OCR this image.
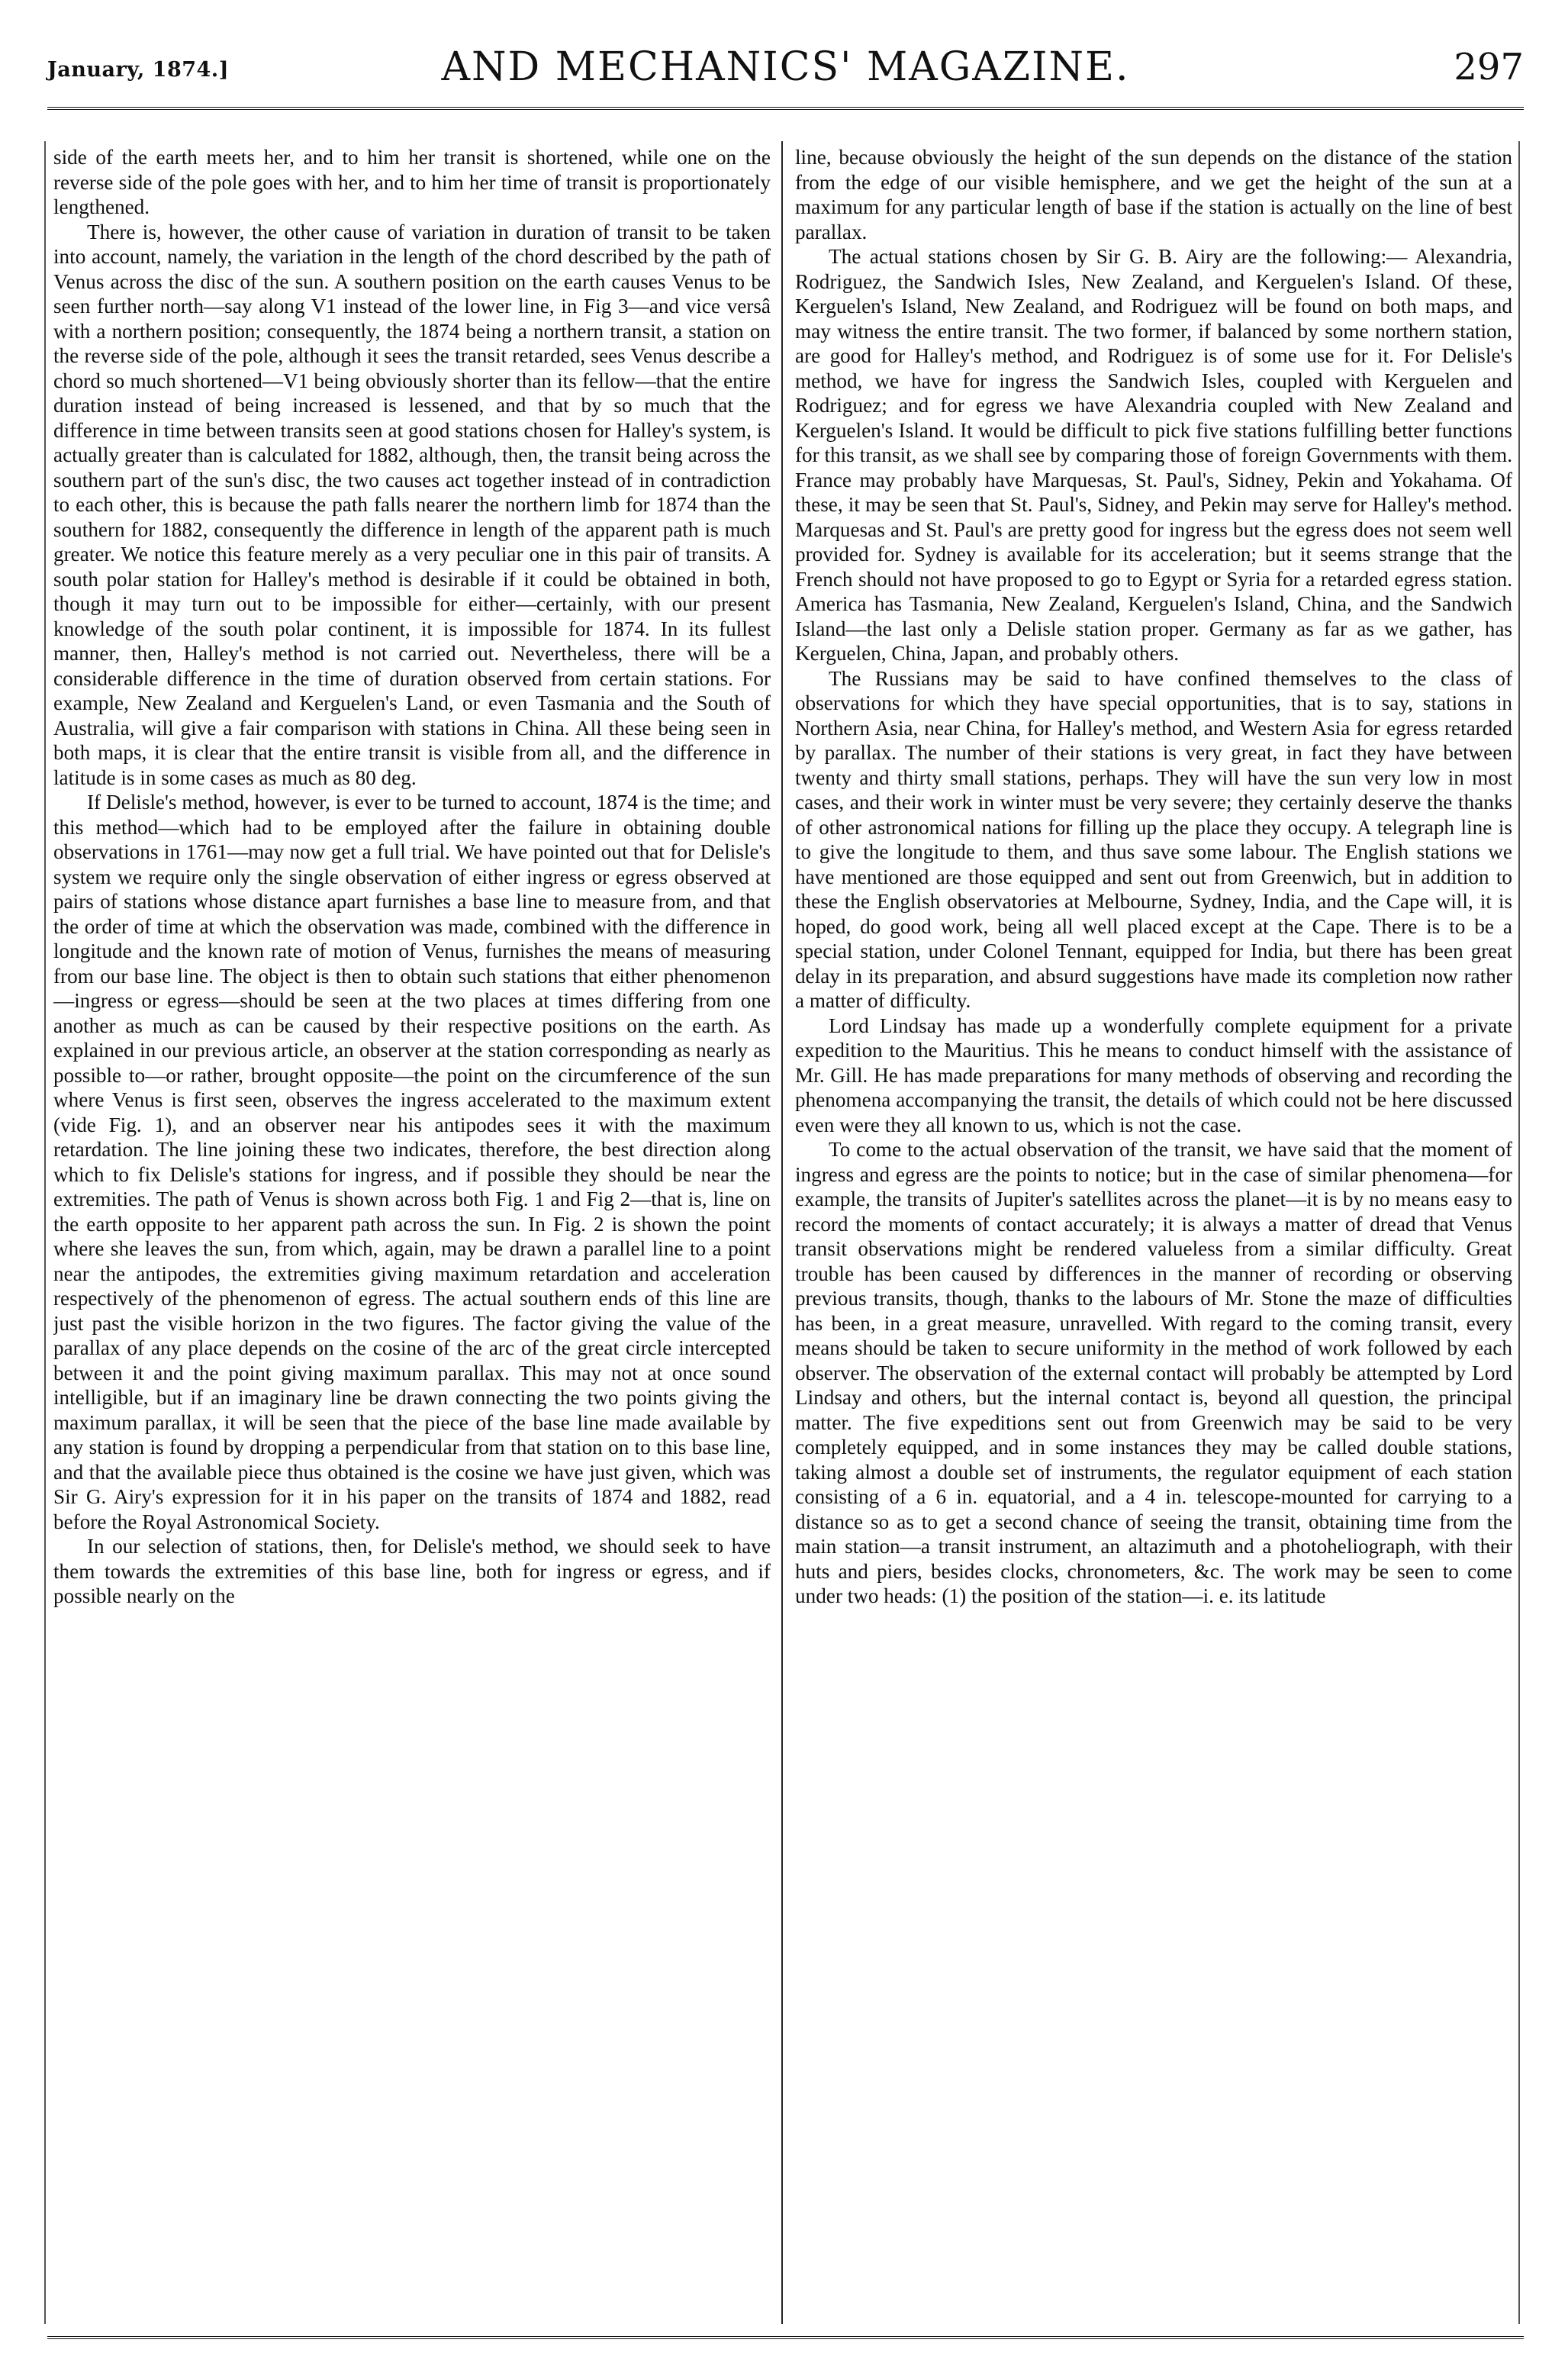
January, 1874.]	AND MECHANICS' MAGAZINE.	297

side of the earth meets her, and to him her transit is shortened, while one on the reverse side of the pole goes with her, and to him her time of transit is proportionately lengthened.

There is, however, the other cause of variation in duration of transit to be taken into account, namely, the variation in the length of the chord described by the path of Venus across the disc of the sun. A southern position on the earth causes Venus to be seen further north—say along V1 instead of the lower line, in Fig 3—and vice versâ with a northern position; consequently, the 1874 being a northern transit, a station on the reverse side of the pole, although it sees the transit retarded, sees Venus describe a chord so much shortened—V1 being obviously shorter than its fellow—that the entire duration instead of being increased is lessened, and that by so much that the difference in time between transits seen at good stations chosen for Halley's system, is actually greater than is calculated for 1882, although, then, the transit being across the southern part of the sun's disc, the two causes act together instead of in contradiction to each other, this is because the path falls nearer the northern limb for 1874 than the southern for 1882, consequently the difference in length of the apparent path is much greater. We notice this feature merely as a very peculiar one in this pair of transits. A south polar station for Halley's method is desirable if it could be obtained in both, though it may turn out to be impossible for either—certainly, with our present knowledge of the south polar continent, it is impossible for 1874. In its fullest manner, then, Halley's method is not carried out. Nevertheless, there will be a considerable difference in the time of duration observed from certain stations. For example, New Zealand and Kerguelen's Land, or even Tasmania and the South of Australia, will give a fair comparison with stations in China. All these being seen in both maps, it is clear that the entire transit is visible from all, and the difference in latitude is in some cases as much as 80 deg.

If Delisle's method, however, is ever to be turned to account, 1874 is the time; and this method—which had to be employed after the failure in obtaining double observations in 1761—may now get a full trial. We have pointed out that for Delisle's system we require only the single observation of either ingress or egress observed at pairs of stations whose distance apart furnishes a base line to measure from, and that the order of time at which the observation was made, combined with the difference in longitude and the known rate of motion of Venus, furnishes the means of measuring from our base line. The object is then to obtain such stations that either phenomenon—ingress or egress—should be seen at the two places at times differing from one another as much as can be caused by their respective positions on the earth. As explained in our previous article, an observer at the station corresponding as nearly as possible to—or rather, brought opposite—the point on the circumference of the sun where Venus is first seen, observes the ingress accelerated to the maximum extent (vide Fig. 1), and an observer near his antipodes sees it with the maximum retardation. The line joining these two indicates, therefore, the best direction along which to fix Delisle's stations for ingress, and if possible they should be near the extremities. The path of Venus is shown across both Fig. 1 and Fig 2—that is, line on the earth opposite to her apparent path across the sun. In Fig. 2 is shown the point where she leaves the sun, from which, again, may be drawn a parallel line to a point near the antipodes, the extremities giving maximum retardation and acceleration respectively of the phenomenon of egress. The actual southern ends of this line are just past the visible horizon in the two figures. The factor giving the value of the parallax of any place depends on the cosine of the arc of the great circle intercepted between it and the point giving maximum parallax. This may not at once sound intelligible, but if an imaginary line be drawn connecting the two points giving the maximum parallax, it will be seen that the piece of the base line made available by any station is found by dropping a perpendicular from that station on to this base line, and that the available piece thus obtained is the cosine we have just given, which was Sir G. Airy's expression for it in his paper on the transits of 1874 and 1882, read before the Royal Astronomical Society.

In our selection of stations, then, for Delisle's method, we should seek to have them towards the extremities of this base line, both for ingress or egress, and if possible nearly on the

line, because obviously the height of the sun depends on the distance of the station from the edge of our visible hemisphere, and we get the height of the sun at a maximum for any particular length of base if the station is actually on the line of best parallax.

The actual stations chosen by Sir G. B. Airy are the following:— Alexandria, Rodriguez, the Sandwich Isles, New Zealand, and Kerguelen's Island. Of these, Kerguelen's Island, New Zealand, and Rodriguez will be found on both maps, and may witness the entire transit. The two former, if balanced by some northern station, are good for Halley's method, and Rodriguez is of some use for it. For Delisle's method, we have for ingress the Sandwich Isles, coupled with Kerguelen and Rodriguez; and for egress we have Alexandria coupled with New Zealand and Kerguelen's Island. It would be difficult to pick five stations fulfilling better functions for this transit, as we shall see by comparing those of foreign Governments with them. France may probably have Marquesas, St. Paul's, Sidney, Pekin and Yokahama. Of these, it may be seen that St. Paul's, Sidney, and Pekin may serve for Halley's method. Marquesas and St. Paul's are pretty good for ingress but the egress does not seem well provided for. Sydney is available for its acceleration; but it seems strange that the French should not have proposed to go to Egypt or Syria for a retarded egress station. America has Tasmania, New Zealand, Kerguelen's Island, China, and the Sandwich Island—the last only a Delisle station proper. Germany as far as we gather, has Kerguelen, China, Japan, and probably others.

The Russians may be said to have confined themselves to the class of observations for which they have special opportunities, that is to say, stations in Northern Asia, near China, for Halley's method, and Western Asia for egress retarded by parallax. The number of their stations is very great, in fact they have between twenty and thirty small stations, perhaps. They will have the sun very low in most cases, and their work in winter must be very severe; they certainly deserve the thanks of other astronomical nations for filling up the place they occupy. A telegraph line is to give the longitude to them, and thus save some labour. The English stations we have mentioned are those equipped and sent out from Greenwich, but in addition to these the English observatories at Melbourne, Sydney, India, and the Cape will, it is hoped, do good work, being all well placed except at the Cape. There is to be a special station, under Colonel Tennant, equipped for India, but there has been great delay in its preparation, and absurd suggestions have made its completion now rather a matter of difficulty.

Lord Lindsay has made up a wonderfully complete equipment for a private expedition to the Mauritius. This he means to conduct himself with the assistance of Mr. Gill. He has made preparations for many methods of observing and recording the phenomena accompanying the transit, the details of which could not be here discussed even were they all known to us, which is not the case.

To come to the actual observation of the transit, we have said that the moment of ingress and egress are the points to notice; but in the case of similar phenomena—for example, the transits of Jupiter's satellites across the planet—it is by no means easy to record the moments of contact accurately; it is always a matter of dread that Venus transit observations might be rendered valueless from a similar difficulty. Great trouble has been caused by differences in the manner of recording or observing previous transits, though, thanks to the labours of Mr. Stone the maze of difficulties has been, in a great measure, unravelled. With regard to the coming transit, every means should be taken to secure uniformity in the method of work followed by each observer. The observation of the external contact will probably be attempted by Lord Lindsay and others, but the internal contact is, beyond all question, the principal matter. The five expeditions sent out from Greenwich may be said to be very completely equipped, and in some instances they may be called double stations, taking almost a double set of instruments, the regulator equipment of each station consisting of a 6 in. equatorial, and a 4 in. telescope-mounted for carrying to a distance so as to get a second chance of seeing the transit, obtaining time from the main station—a transit instrument, an altazimuth and a photoheliograph, with their huts and piers, besides clocks, chronometers, &c. The work may be seen to come under two heads: (1) the position of the station—i. e. its latitude
